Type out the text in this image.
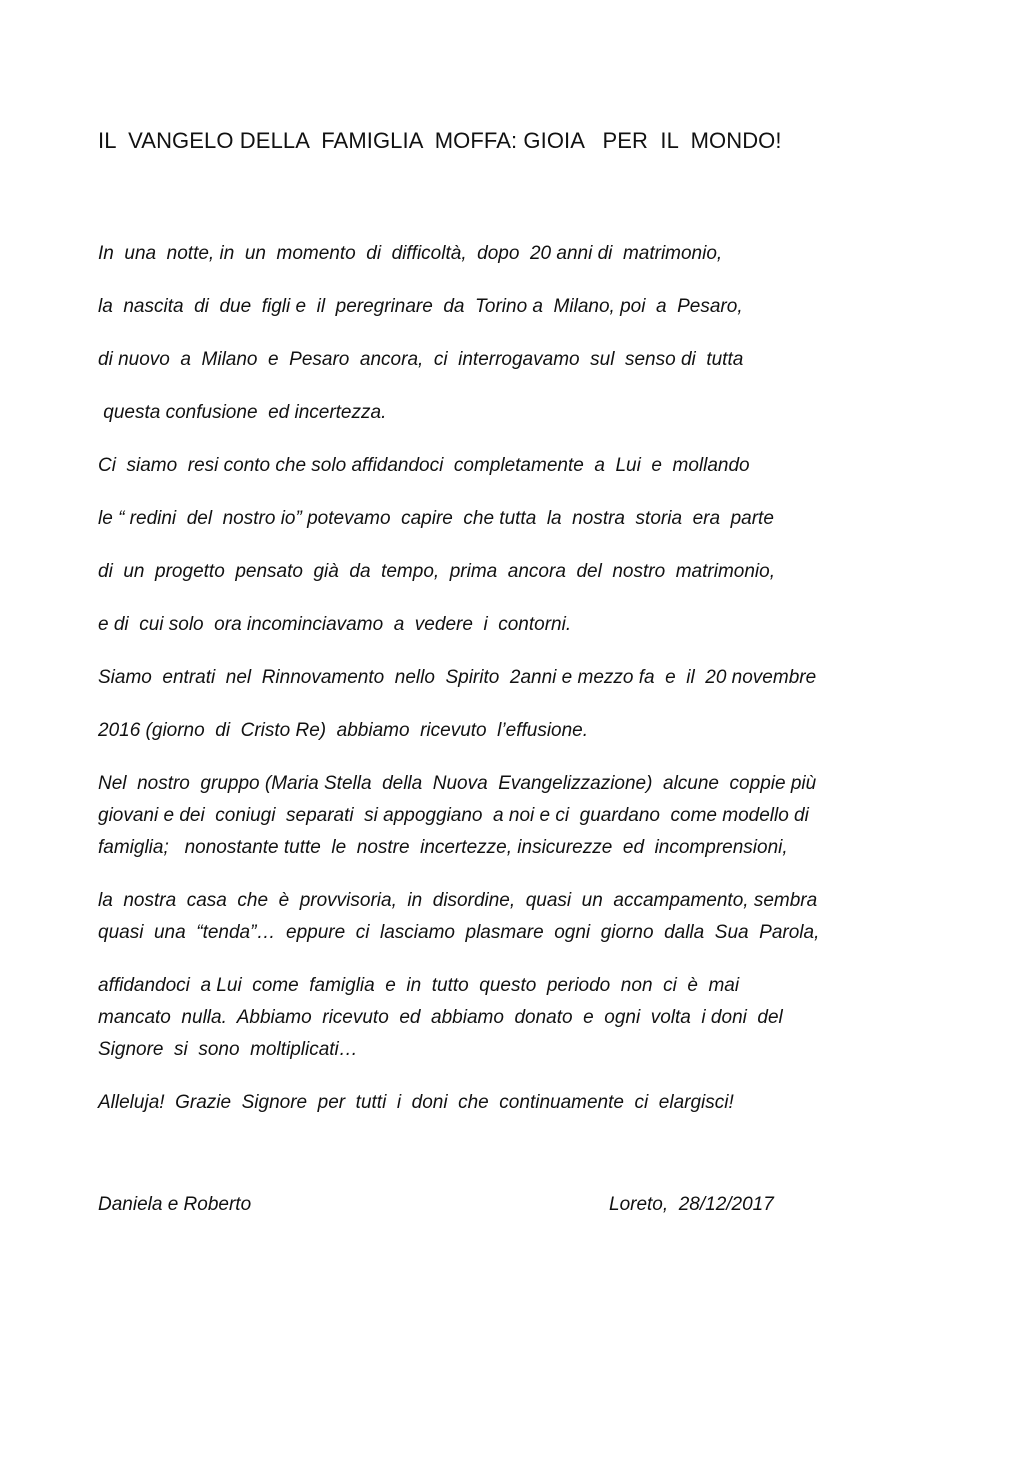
IL  VANGELO DELLA  FAMIGLIA  MOFFA: GIOIA   PER  IL  MONDO!
In  una  notte, in  un  momento  di  difficoltà,  dopo  20 anni di  matrimonio,
la  nascita  di  due  figli e  il  peregrinare  da  Torino a  Milano, poi  a  Pesaro,
di nuovo  a  Milano  e  Pesaro  ancora,  ci  interrogavamo  sul  senso di  tutta
questa confusione  ed incertezza.
Ci  siamo  resi conto che solo affidandoci  completamente  a  Lui  e  mollando
le “ redini  del  nostro io” potevamo  capire  che tutta  la  nostra  storia  era  parte
di  un  progetto  pensato  già  da  tempo,  prima  ancora  del  nostro  matrimonio,
e di  cui solo  ora incominciavamo  a  vedere  i  contorni.
Siamo  entrati  nel  Rinnovamento  nello  Spirito  2anni e mezzo fa  e  il  20 novembre
2016 (giorno  di  Cristo Re)  abbiamo  ricevuto  l’effusione.
Nel  nostro  gruppo (Maria Stella  della  Nuova  Evangelizzazione)  alcune  coppie più
giovani e dei  coniugi  separati  si appoggiano  a noi e ci  guardano  come modello di
famiglia;   nonostante tutte  le  nostre  incertezze, insicurezze  ed  incomprensioni,
la  nostra  casa  che  è  provvisoria,  in  disordine,  quasi  un  accampamento, sembra
quasi  una  “tenda”…  eppure  ci  lasciamo  plasmare  ogni  giorno  dalla  Sua  Parola,
affidandoci  a Lui  come  famiglia  e  in  tutto  questo  periodo  non  ci  è  mai
mancato  nulla.  Abbiamo  ricevuto  ed  abbiamo  donato  e  ogni  volta  i doni  del
Signore  si  sono  moltiplicati…
Alleluja!  Grazie  Signore  per  tutti  i  doni  che  continuamente  ci  elargisci!
Daniela e Roberto	Loreto,  28/12/2017
